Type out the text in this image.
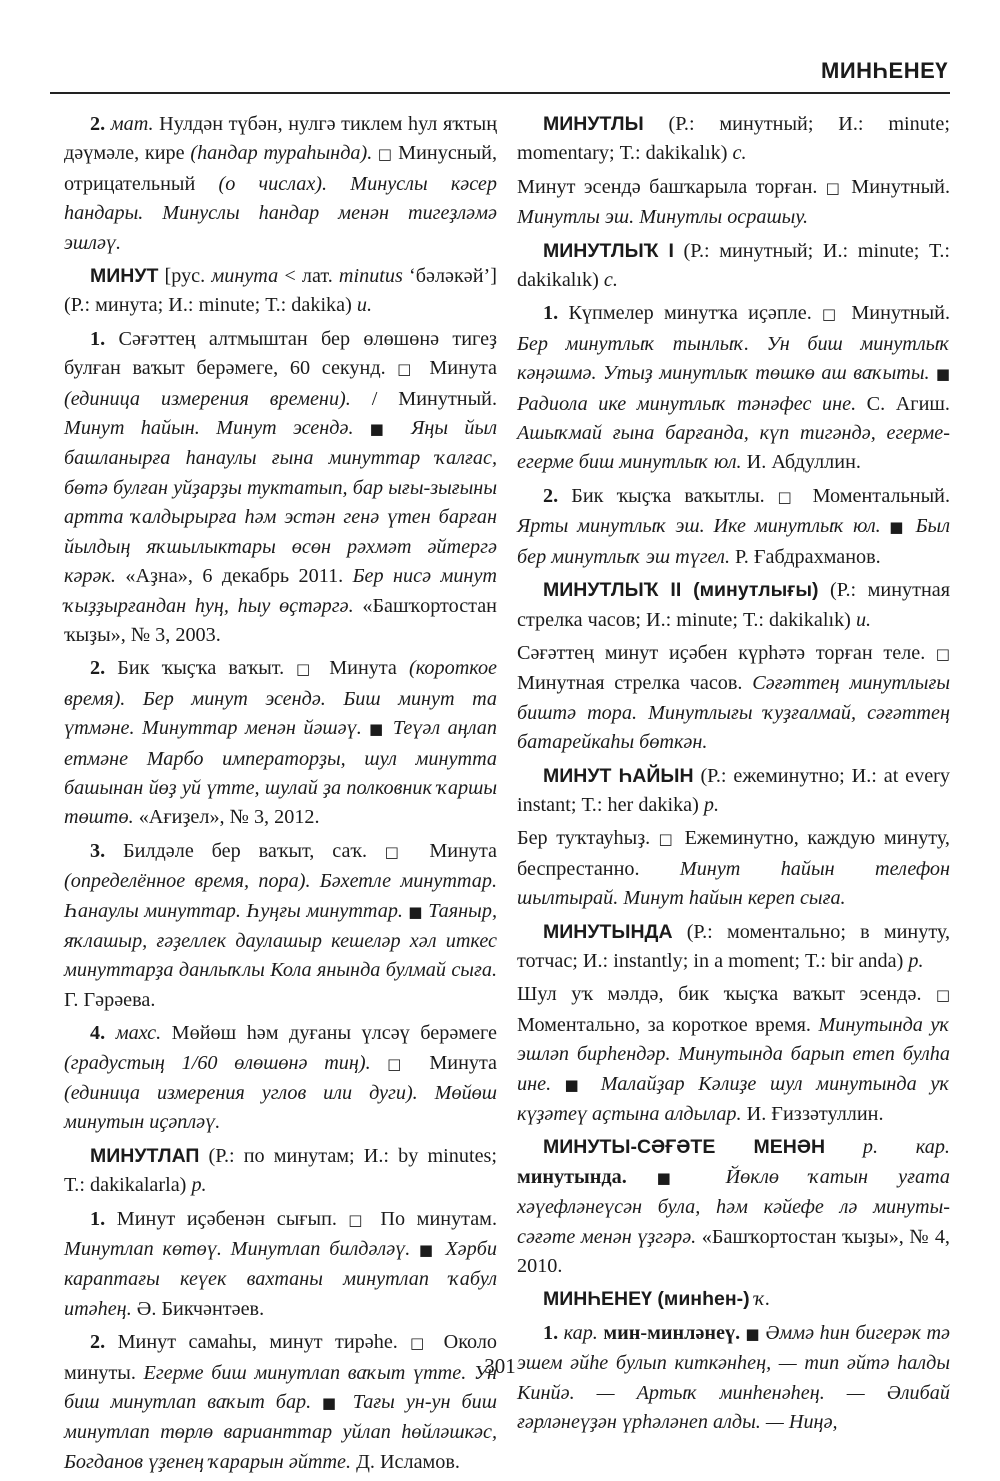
МИНҺЕНЕҮ

2. мат. Нулдән түбән, нулгә тиклем һул яҡтың дәүмәле, кире (һандар тураһында). □ Минусный, отрицательный (о числах). Минуслы кәсер һандары. Минуслы һандар менән тигеҙләмә эшләү.

МИНУТ [рус. минута < лат. minutus ‘бәләкәй’] (Р.: минута; И.: minute; Т.: dakika) и.

1. Сәғәттең алтмыштан бер өлөшөнә тигеҙ булған ваҡыт берәмеге, 60 секунд. □ Минута (единица измерения времени). / Минутный. Минут һайын. Минут эсендә. ■ Яңы йыл башланырға һанаулы ғына минуттар ҡалғас, бөтә булған уйҙарҙы туктатып, бар ығы-зығыны артта ҡалдырырға һәм эстән генә үтен барған йылдың яҡшылыктары өсөн рәхмәт әйтергә кәрәк. «Аҙна», 6 декабрь 2011. Бер нисә минут ҡыҙҙырғандан һуң, һыу өҫтәргә. «Башҡортостан ҡыҙы», № 3, 2003.

2. Бик ҡыҫҡа ваҡыт. □ Минута (короткое время). Бер минут эсендә. Биш минут та үтмәне. Минуттар менән йәшәү. ■ Теүәл аңлап етмәне Марбо императорҙы, шул минутта башынан йөҙ уй үтте, шулай ҙа полковник ҡаршы төштө. «Ағиҙел», № 3, 2012.

3. Билдәле бер ваҡыт, саҡ. □ Минута (определённое время, пора). Бәхетле минуттар. Һанаулы минуттар. Һуңғы минуттар. ■ Таяныр, яҡлашыр, ғәҙеллек даулашыр кешеләр хәл иткес минуттарҙа данлыҡлы Кола янында булмай сыға. Г. Гәрәева.

4. махс. Мөйөш һәм дуғаны үлсәү берәмеге (градустың 1/60 өлөшөнә тиң). □ Минута (единица измерения углов или дуги). Мөйөш минутын иҫәпләү.

МИНУТЛАП (Р.: по минутам; И.: by minutes; Т.: dakikalarla) р.

1. Минут иҫәбенән сығып. □ По минутам. Минутлап көтөү. Минутлап билдәләү. ■ Хәрби карaптағы кеүек вахтаны минутлап ҡабул итәһең. Ә. Бикчәнтәев.

2. Минут самаһы, минут тирәһе. □ Около минуты. Егерме биш минутлап ваҡыт үтте. Ун биш минутлап ваҡыт бар. ■ Тағы ун-ун биш минутлап төрлө варианттар уйлап һөйләшкәс, Богданов үҙенең ҡарарын әйтте. Д. Исламов.

МИНУТЛЫ (Р.: минутный; И.: minute; momentary; Т.: dakikalık) с.

Минут эсендә башҡарыла торған. □ Минутный. Минутлы эш. Минутлы осрашыу.

МИНУТЛЫҠ I (Р.: минутный; И.: minute; Т.: dakikalık) с.

1. Күпмелер минутҡа иҫәпле. □ Минутный. Бер минутлыҡ тынлыҡ. Ун биш минутлыҡ кәңәшмә. Утыҙ минутлыҡ төшкө аш ваҡыты. ■ Радиола ике минутлыҡ тәнәфес ине. С. Агиш. Ашыҡмай ғына барғанда, күп тигәндә, егерме-егерме биш минутлыҡ юл. И. Абдуллин.

2. Бик ҡыҫҡа ваҡытлы. □ Моментальный. Ярты минутлыҡ эш. Ике минутлыҡ юл. ■ Был бер минутлыҡ эш түгел. Р. Ғабдрахманов.

МИНУТЛЫҠ II (минутлығы) (Р.: минутная стрелка часов; И.: minute; Т.: dakikalık) и.

Сәғәттең минут иҫәбен күрһәтә торған теле. □ Минутная стрелка часов. Сәғәттең минутлығы биштә тора. Минутлығы ҡуҙғалмай, сәғәттең батарейкаһы бөткән.

МИНУТ ҺАЙЫН (Р.: ежеминутно; И.: at every instant; Т.: her dakika) р.

Бер туҡтауһыҙ. □ Ежеминутно, каждую минуту, беспрестанно. Минут һайын телефон шылтырай. Минут һайын керeп сыға.

МИНУТЫНДА (Р.: моментально; в минуту, тотчас; И.: instantly; in a moment; Т.: bir anda) р.

Шул уҡ мәлдә, бик ҡыҫҡа ваҡыт эсендә. □ Моментально, за короткое время. Минутында уҡ эшләп бирһендәр. Минутында барып етеп булһа ине. ■ Малайҙар Кәлиҙе шул минутында уҡ күҙәтеү аҫтына алдылар. И. Ғиззәтуллин.

МИНУТЫ-СӘҒӘТЕ МЕНӘН р. кар. минутында. ■ Йөклө ҡатын уғата хәүефләнеүсән була, һәм кәйефе лә минуты-сәғәте менән үҙгәрә. «Башҡортостан ҡыҙы», № 4, 2010.

МИНҺЕНЕҮ (минһен-) ҡ.

1. кар. мин-минләнеү. ■ Әммә һин бигерәк тә эшем әйһе булып киткәнһең, — тип әйтә һалды Кинйә. — Артыҡ минһенәһең. — Әлибай ғәрләнеүҙән үрһәләнеп алды. — Ниңә,

301
